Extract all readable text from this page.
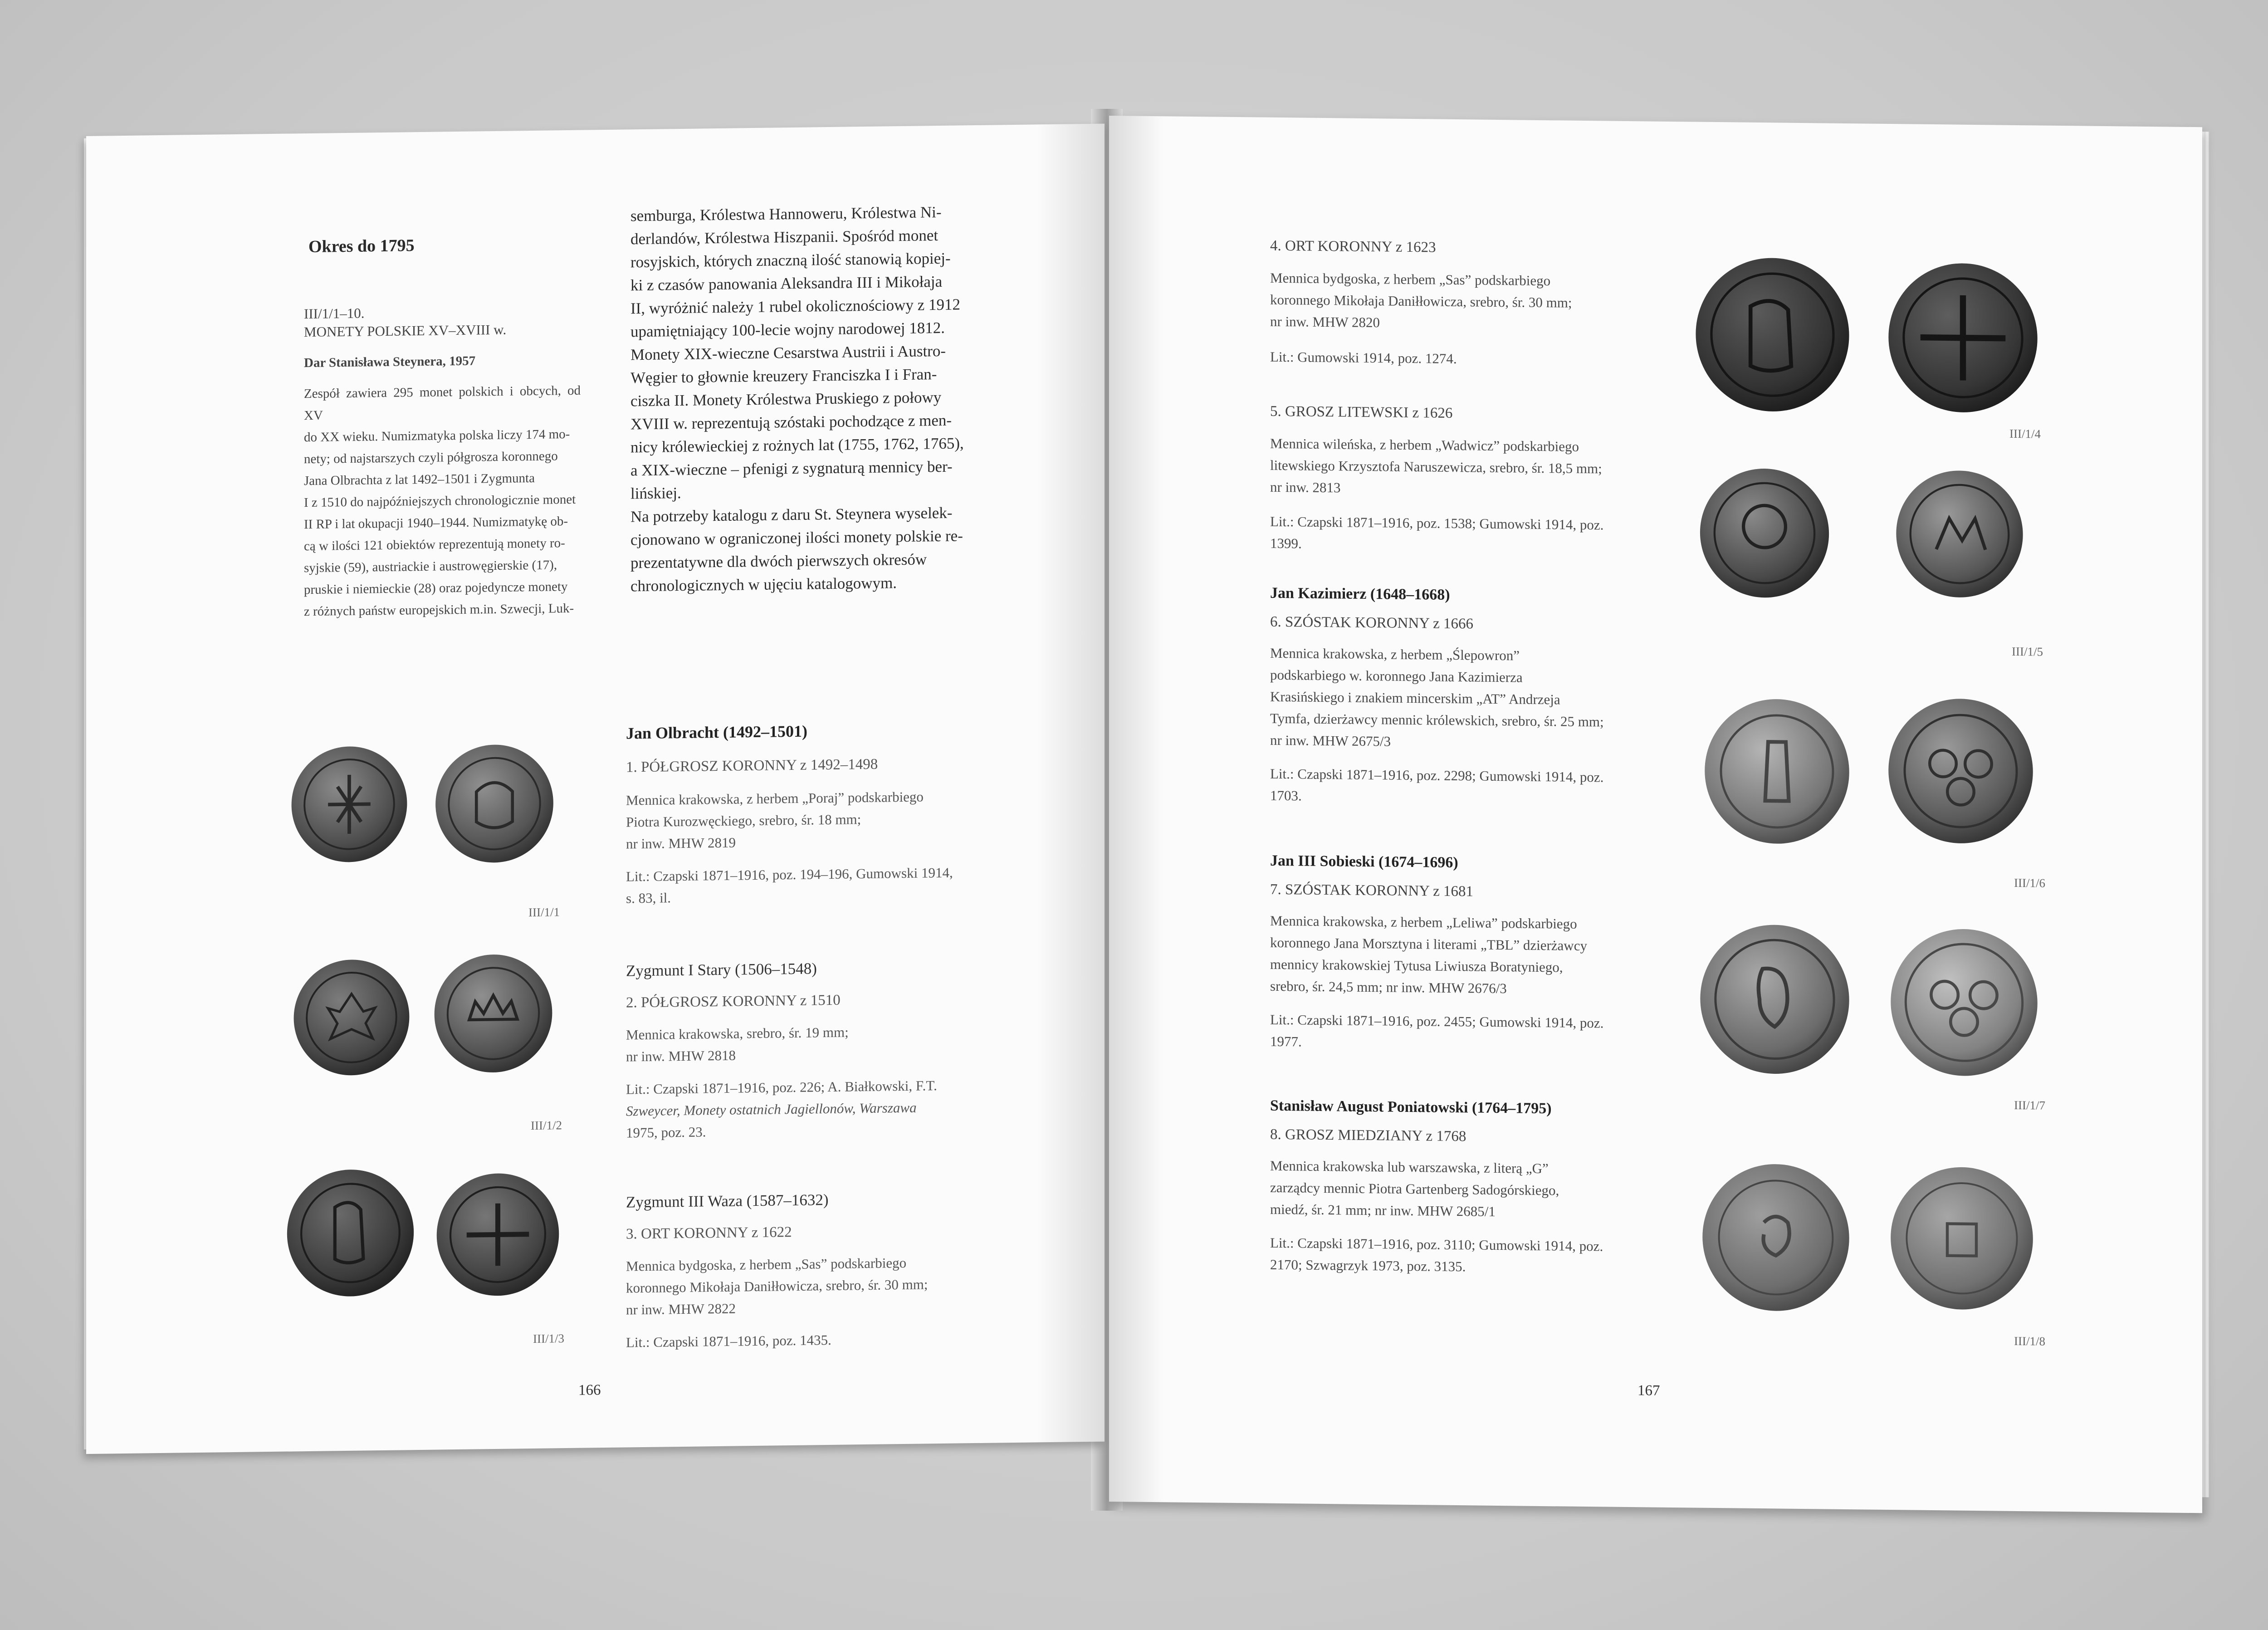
Okres do 1795
III/1/1–10.
MONETY POLSKIE XV–XVIII w.
Dar Stanisława Steynera, 1957
Zespół zawiera 295 monet polskich i obcych, od XV
do XX wieku. Numizmatyka polska liczy 174 mo-
nety; od najstarszych czyli półgrosza koronnego
Jana Olbrachta z lat 1492–1501 i Zygmunta
I z 1510 do najpóźniejszych chronologicznie monet
II RP i lat okupacji 1940–1944. Numizmatykę ob-
cą w ilości 121 obiektów reprezentują monety ro-
syjskie (59), austriackie i austrowęgierskie (17),
pruskie i niemieckie (28) oraz pojedyncze monety
z różnych państw europejskich m.in. Szwecji, Luk-
semburga, Królestwa Hannoweru, Królestwa Ni-
derlandów, Królestwa Hiszpanii. Spośród monet
rosyjskich, których znaczną ilość stanowią kopiej-
ki z czasów panowania Aleksandra III i Mikołaja
II, wyróżnić należy 1 rubel okolicznościowy z 1912
upamiętniający 100-lecie wojny narodowej 1812.
Monety XIX-wieczne Cesarstwa Austrii i Austro-
Węgier to głownie kreuzery Franciszka I i Fran-
ciszka II. Monety Królestwa Pruskiego z połowy
XVIII w. reprezentują szóstaki pochodzące z men-
nicy królewieckiej z rożnych lat (1755, 1762, 1765),
a XIX-wieczne – pfenigi z sygnaturą mennicy ber-
lińskiej.
Na potrzeby katalogu z daru St. Steynera wyselek-
cjonowano w ograniczonej ilości monety polskie re-
prezentatywne dla dwóch pierwszych okresów
chronologicznych w ujęciu katalogowym.
Jan Olbracht (1492–1501)
1. PÓŁGROSZ KORONNY z 1492–1498
Mennica krakowska, z herbem „Poraj” podskarbiego
Piotra Kurozwęckiego, srebro, śr. 18 mm;
nr inw. MHW 2819
Lit.: Czapski 1871–1916, poz. 194–196, Gumowski 1914,
s. 83, il.
Zygmunt I Stary (1506–1548)
2. PÓŁGROSZ KORONNY z 1510
Mennica krakowska, srebro, śr. 19 mm;
nr inw. MHW 2818
Lit.: Czapski 1871–1916, poz. 226; A. Białkowski, F.T.
Szweycer, Monety ostatnich Jagiellonów, Warszawa
1975, poz. 23.
Zygmunt III Waza (1587–1632)
3. ORT KORONNY z 1622
Mennica bydgoska, z herbem „Sas” podskarbiego
koronnego Mikołaja Daniłłowicza, srebro, śr. 30 mm;
nr inw. MHW 2822
Lit.: Czapski 1871–1916, poz. 1435.
III/1/1
III/1/2
III/1/3
166
4. ORT KORONNY z 1623
Mennica bydgoska, z herbem „Sas” podskarbiego
koronnego Mikołaja Daniłłowicza, srebro, śr. 30 mm;
nr inw. MHW 2820
Lit.: Gumowski 1914, poz. 1274.
5. GROSZ LITEWSKI z 1626
Mennica wileńska, z herbem „Wadwicz” podskarbiego
litewskiego Krzysztofa Naruszewicza, srebro, śr. 18,5 mm;
nr inw. 2813
Lit.: Czapski 1871–1916, poz. 1538; Gumowski 1914, poz.
1399.
Jan Kazimierz (1648–1668)
6. SZÓSTAK KORONNY z 1666
Mennica krakowska, z herbem „Ślepowron”
podskarbiego w. koronnego Jana Kazimierza
Krasińskiego i znakiem mincerskim „AT” Andrzeja
Tymfa, dzierżawcy mennic królewskich, srebro, śr. 25 mm;
nr inw. MHW 2675/3
Lit.: Czapski 1871–1916, poz. 2298; Gumowski 1914, poz.
1703.
Jan III Sobieski (1674–1696)
7. SZÓSTAK KORONNY z 1681
Mennica krakowska, z herbem „Leliwa” podskarbiego
koronnego Jana Morsztyna i literami „TBL” dzierżawcy
mennicy krakowskiej Tytusa Liwiusza Boratyniego,
srebro, śr. 24,5 mm; nr inw. MHW 2676/3
Lit.: Czapski 1871–1916, poz. 2455; Gumowski 1914, poz.
1977.
Stanisław August Poniatowski (1764–1795)
8. GROSZ MIEDZIANY z 1768
Mennica krakowska lub warszawska, z literą „G”
zarządcy mennic Piotra Gartenberg Sadogórskiego,
miedź, śr. 21 mm; nr inw. MHW 2685/1
Lit.: Czapski 1871–1916, poz. 3110; Gumowski 1914, poz.
2170; Szwagrzyk 1973, poz. 3135.
III/1/4
III/1/5
III/1/6
III/1/7
III/1/8
167
